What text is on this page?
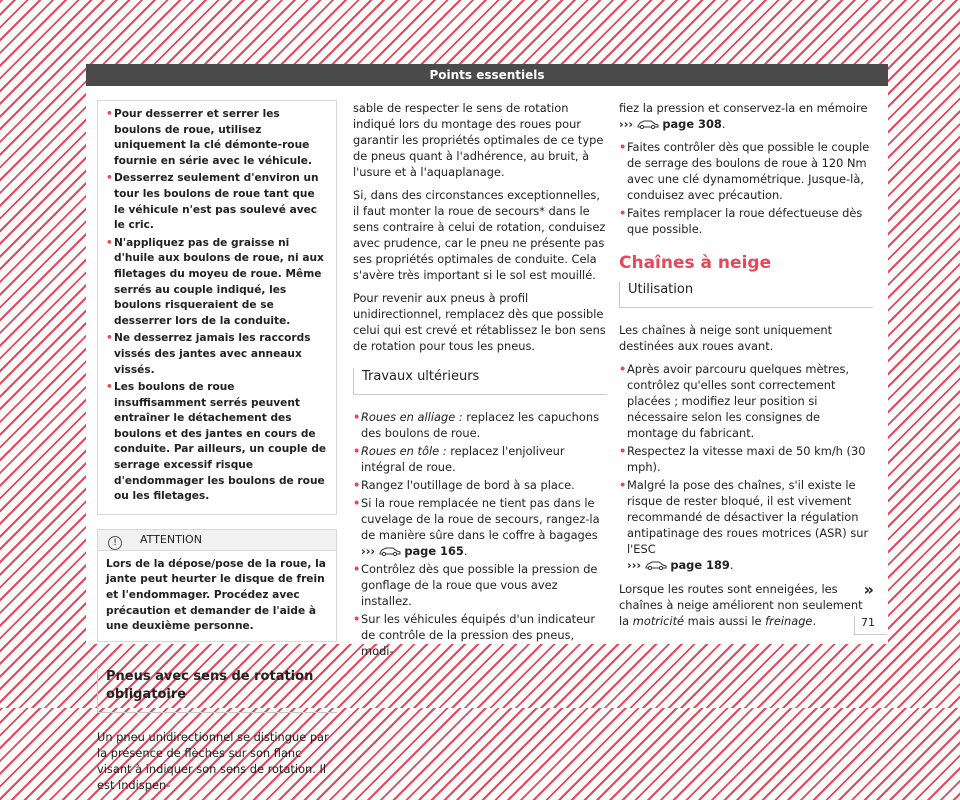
Points essentiels
• Pour desserrer et serrer les boulons de roue, utilisez uniquement la clé démonte-roue fournie en série avec le véhicule.
• Desserrez seulement d'environ un tour les boulons de roue tant que le véhicule n'est pas soulevé avec le cric.
• N'appliquez pas de graisse ni d'huile aux boulons de roue, ni aux filetages du moyeu de roue. Même serrés au couple indiqué, les boulons risqueraient de se desserrer lors de la conduite.
• Ne desserrez jamais les raccords vissés des jantes avec anneaux vissés.
• Les boulons de roue insuffisamment serrés peuvent entraîner le détachement des boulons et des jantes en cours de conduite. Par ailleurs, un couple de serrage excessif risque d'endommager les boulons de roue ou les filetages.
! ATTENTION
Lors de la dépose/pose de la roue, la jante peut heurter le disque de frein et l'endommager. Procédez avec précaution et demander de l'aide à une deuxième personne.
Pneus avec sens de rotation obligatoire

Un pneu unidirectionnel se distingue par la présence de flèches sur son flanc visant à indiquer son sens de rotation. Il est indispen-

sable de respecter le sens de rotation indiqué lors du montage des roues pour garantir les propriétés optimales de ce type de pneus quant à l'adhérence, au bruit, à l'usure et à l'aquaplanage.

Si, dans des circonstances exceptionnelles, il faut monter la roue de secours* dans le sens contraire à celui de rotation, conduisez avec prudence, car le pneu ne présente pas ses propriétés optimales de conduite. Cela s'avère très important si le sol est mouillé.

Pour revenir aux pneus à profil unidirectionnel, remplacez dès que possible celui qui est crevé et rétablissez le bon sens de rotation pour tous les pneus.

Travaux ultérieurs
• Roues en alliage : replacez les capuchons des boulons de roue.
• Roues en tôle : replacez l'enjoliveur intégral de roue.
• Rangez l'outillage de bord à sa place.
• Si la roue remplacée ne tient pas dans le cuvelage de la roue de secours, rangez-la de manière sûre dans le coffre à bagages
›››	page 165.
• Contrôlez dès que possible la pression de gonflage de la roue que vous avez installez.
• Sur les véhicules équipés d'un indicateur de contrôle de la pression des pneus, modi-

fiez la pression et conservez-la en mémoire
›››	page 308.

• Faites contrôler dès que possible le couple de serrage des boulons de roue à 120 Nm avec une clé dynamométrique. Jusque-là, conduisez avec précaution.
• Faites remplacer la roue défectueuse dès que possible.
Chaînes à neige
Utilisation

Les chaînes à neige sont uniquement destinées aux roues avant.

• Après avoir parcouru quelques mètres, contrôlez qu'elles sont correctement placées ; modifiez leur position si nécessaire selon les consignes de montage du fabricant.
• Respectez la vitesse maxi de 50 km/h (30 mph).
• Malgré la pose des chaînes, s'il existe le risque de rester bloqué, il est vivement recommandé de désactiver la régulation antipatinage des roues motrices (ASR) sur l'ESC
›››	page 189.

Lorsque les routes sont enneigées, les chaînes à neige améliorent non seulement la motricité mais aussi le freinage.

»
71
